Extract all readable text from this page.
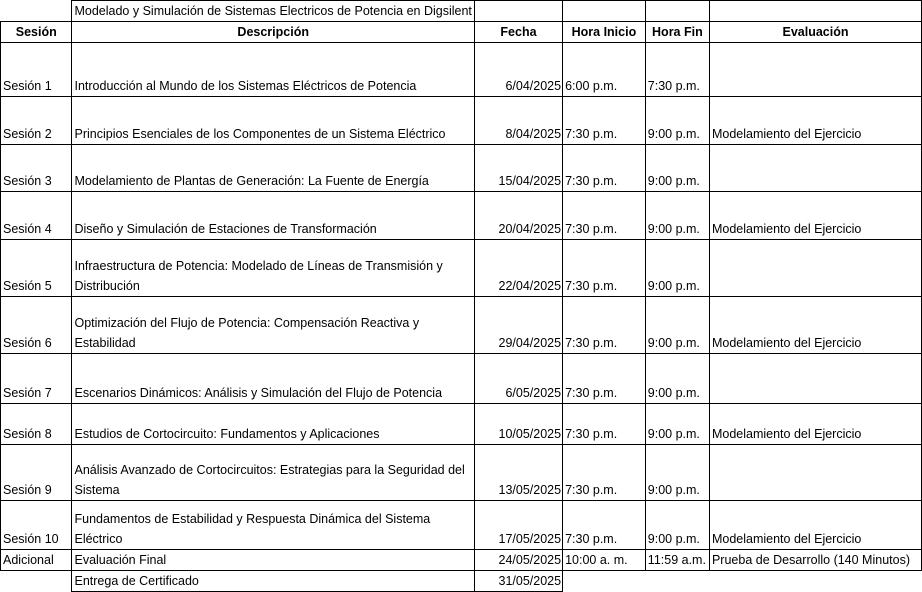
	Modelado y Simulación de Sistemas Electricos de Potencia en Digsilent				
Sesión	Descripción	Fecha	Hora Inicio	Hora Fin	Evaluación
Sesión 1	Introducción al Mundo de los Sistemas Eléctricos de Potencia	6/04/2025	6:00 p.m.	7:30 p.m.	
Sesión 2	Principios Esenciales de los Componentes de un Sistema Eléctrico	8/04/2025	7:30 p.m.	9:00 p.m.	Modelamiento del Ejercicio
Sesión 3	Modelamiento de Plantas de Generación: La Fuente de Energía	15/04/2025	7:30 p.m.	9:00 p.m.	
Sesión 4	Diseño y Simulación de Estaciones de Transformación	20/04/2025	7:30 p.m.	9:00 p.m.	Modelamiento del Ejercicio
Sesión 5	Infraestructura de Potencia: Modelado de Líneas de Transmisión y Distribución	22/04/2025	7:30 p.m.	9:00 p.m.	
Sesión 6	Optimización del Flujo de Potencia: Compensación Reactiva y Estabilidad	29/04/2025	7:30 p.m.	9:00 p.m.	Modelamiento del Ejercicio
Sesión 7	Escenarios Dinámicos: Análisis y Simulación del Flujo de Potencia	6/05/2025	7:30 p.m.	9:00 p.m.	
Sesión 8	Estudios de Cortocircuito: Fundamentos y Aplicaciones	10/05/2025	7:30 p.m.	9:00 p.m.	Modelamiento del Ejercicio
Sesión 9	Análisis Avanzado de Cortocircuitos: Estrategias para la Seguridad del Sistema	13/05/2025	7:30 p.m.	9:00 p.m.	
Sesión 10	Fundamentos de Estabilidad y Respuesta Dinámica del Sistema Eléctrico	17/05/2025	7:30 p.m.	9:00 p.m.	Modelamiento del Ejercicio
Adicional	Evaluación Final	24/05/2025	10:00 a. m.	11:59 a.m.	Prueba de Desarrollo (140 Minutos)
	Entrega de Certificado	31/05/2025			
